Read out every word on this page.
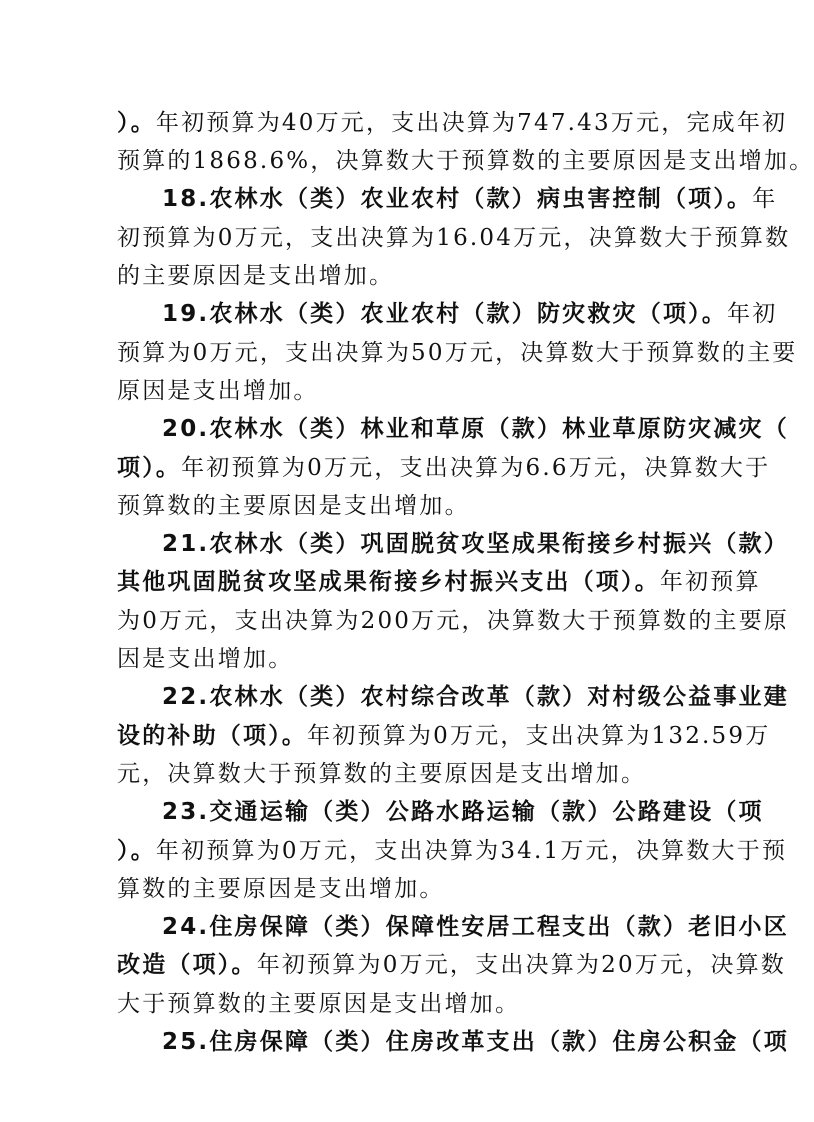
）。年初预算为40万元，支出决算为747.43万元，完成年初
预算的1868.6%，决算数大于预算数的主要原因是支出增加。
18.农林水（类）农业农村（款）病虫害控制（项）。年
初预算为0万元，支出决算为16.04万元，决算数大于预算数
的主要原因是支出增加。
19.农林水（类）农业农村（款）防灾救灾（项）。年初
预算为0万元，支出决算为50万元，决算数大于预算数的主要
原因是支出增加。
20.农林水（类）林业和草原（款）林业草原防灾减灾（
项）。年初预算为0万元，支出决算为6.6万元，决算数大于
预算数的主要原因是支出增加。
21.农林水（类）巩固脱贫攻坚成果衔接乡村振兴（款）
其他巩固脱贫攻坚成果衔接乡村振兴支出（项）。年初预算
为0万元，支出决算为200万元，决算数大于预算数的主要原
因是支出增加。
22.农林水（类）农村综合改革（款）对村级公益事业建
设的补助（项）。年初预算为0万元，支出决算为132.59万
元，决算数大于预算数的主要原因是支出增加。
23.交通运输（类）公路水路运输（款）公路建设（项
）。年初预算为0万元，支出决算为34.1万元，决算数大于预
算数的主要原因是支出增加。
24.住房保障（类）保障性安居工程支出（款）老旧小区
改造（项）。年初预算为0万元，支出决算为20万元，决算数
大于预算数的主要原因是支出增加。
25.住房保障（类）住房改革支出（款）住房公积金（项
